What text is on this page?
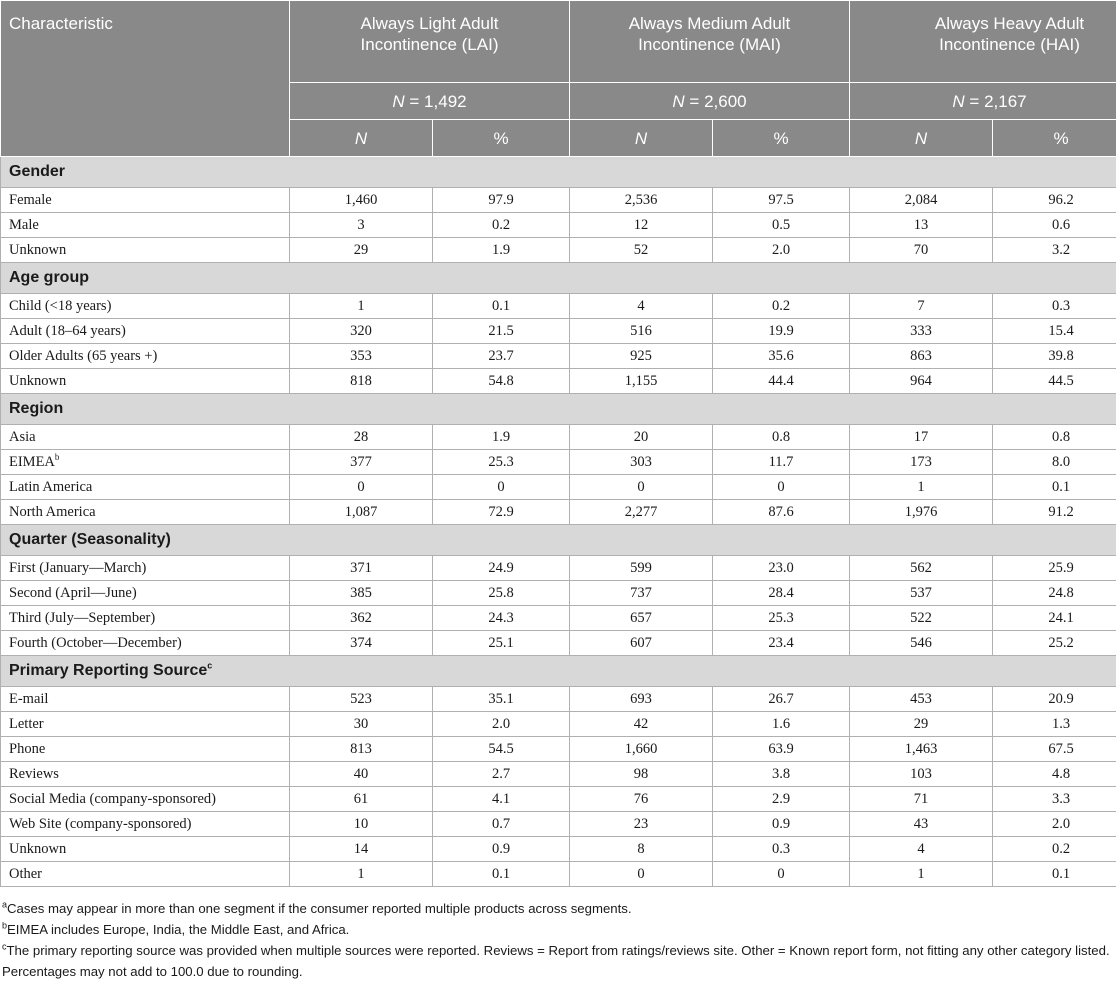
Characteristic	Always Light Adult Incontinence (LAI)		Always Medium Adult Incontinence (MAI)		Always Heavy Adult Incontinence (HAI)	
	N = 1,492		N = 2,600		N = 2,167	
	N	%	N	%	N	%
Gender						
Female	1,460	97.9	2,536	97.5	2,084	96.2
Male	3	0.2	12	0.5	13	0.6
Unknown	29	1.9	52	2.0	70	3.2
Age group						
Child (<18 years)	1	0.1	4	0.2	7	0.3
Adult (18–64 years)	320	21.5	516	19.9	333	15.4
Older Adults (65 years +)	353	23.7	925	35.6	863	39.8
Unknown	818	54.8	1,155	44.4	964	44.5
Region						
Asia	28	1.9	20	0.8	17	0.8
EIMEA$^b$	377	25.3	303	11.7	173	8.0
Latin America	0	0	0	0	1	0.1
North America	1,087	72.9	2,277	87.6	1,976	91.2
Quarter (Seasonality)						
First (January—March)	371	24.9	599	23.0	562	25.9
Second (April—June)	385	25.8	737	28.4	537	24.8
Third (July—September)	362	24.3	657	25.3	522	24.1
Fourth (October—December)	374	25.1	607	23.4	546	25.2
Primary Reporting Source$^c$
E-mail	523	35.1	693	26.7	453	20.9
Letter	30	2.0	42	1.6	29	1.3
Phone	813	54.5	1,660	63.9	1,463	67.5
Reviews	40	2.7	98	3.8	103	4.8
Social Media (company-sponsored)	61	4.1	76	2.9	71	3.3
Web Site (company-sponsored)	10	0.7	23	0.9	43	2.0
Unknown	14	0.9	8	0.3	4	0.2
Other	1	0.1	0	0	1	0.1

$^a$Cases may appear in more than one segment if the consumer reported multiple products across segments.

$^b$EIMEA includes Europe, India, the Middle East, and Africa.

$^c$The primary reporting source was provided when multiple sources were reported. Reviews = Report from ratings/reviews site. Other = Known report form, not fitting any other category listed.

Percentages may not add to 100.0 due to rounding.
